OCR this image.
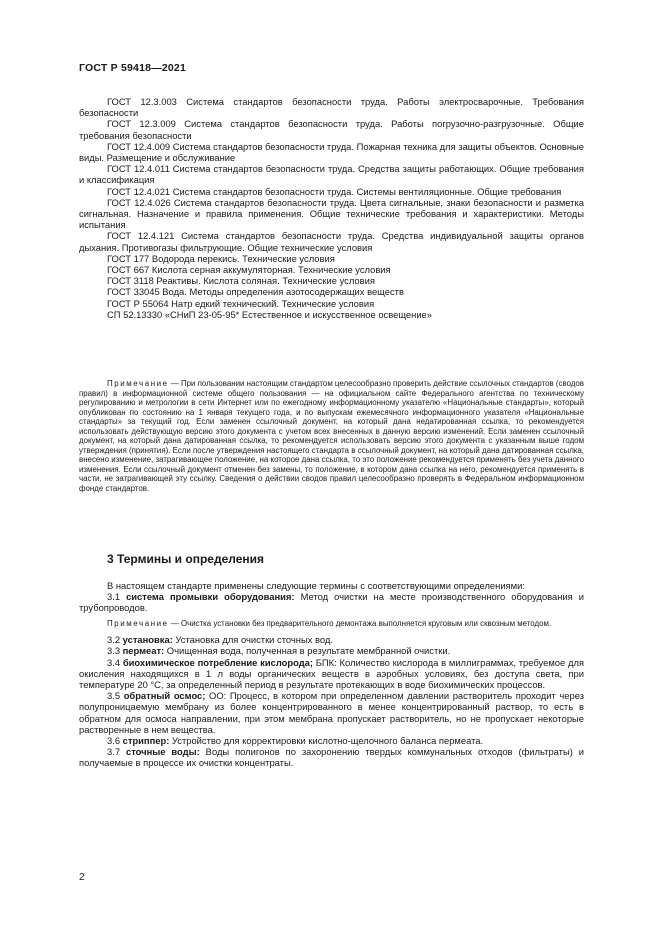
ГОСТ Р 59418—2021

ГОСТ 12.3.003 Система стандартов безопасности труда. Работы электросварочные. Требования безопасности

ГОСТ 12.3.009 Система стандартов безопасности труда. Работы погрузочно-разгрузочные. Общие требования безопасности

ГОСТ 12.4.009 Система стандартов безопасности труда. Пожарная техника для защиты объектов. Основные виды. Размещение и обслуживание

ГОСТ 12.4.011 Система стандартов безопасности труда. Средства защиты работающих. Общие требования и классификация

ГОСТ 12.4.021 Система стандартов безопасности труда. Системы вентиляционные. Общие требования

ГОСТ 12.4.026 Система стандартов безопасности труда. Цвета сигнальные, знаки безопасности и разметка сигнальная. Назначение и правила применения. Общие технические требования и характеристики. Методы испытания

ГОСТ 12.4.121 Система стандартов безопасности труда. Средства индивидуальной защиты органов дыхания. Противогазы фильтрующие. Общие технические условия

ГОСТ 177 Водорода перекись. Технические условия

ГОСТ 667 Кислота серная аккумуляторная. Технические условия

ГОСТ 3118 Реактивы. Кислота соляная. Технические условия

ГОСТ 33045 Вода. Методы определения азотосодержащих веществ

ГОСТ Р 55064 Натр едкий технический. Технические условия

СП 52.13330 «СНиП 23-05-95* Естественное и искусственное освещение»

Примечание — При пользовании настоящим стандартом целесообразно проверить действие ссылочных стандартов (сводов правил) в информационной системе общего пользования — на официальном сайте Федерального агентства по техническому регулированию и метрологии в сети Интернет или по ежегодному информационному указателю «Национальные стандарты», который опубликован по состоянию на 1 января текущего года, и по выпускам ежемесячного информационного указателя «Национальные стандарты» за текущий год. Если заменен ссылочный документ, на который дана недатированная ссылка, то рекомендуется использовать действующую версию этого документа с учетом всех внесенных в данную версию изменений. Если заменен ссылочный документ, на который дана датированная ссылка, то рекомендуется использовать версию этого документа с указанным выше годом утверждения (принятия). Если после утверждения настоящего стандарта в ссылочный документ, на который дана датированная ссылка, внесено изменение, затрагивающее положение, на которое дана ссылка, то это положение рекомендуется применять без учета данного изменения. Если ссылочный документ отменен без замены, то положение, в котором дана ссылка на него, рекомендуется применять в части, не затрагивающей эту ссылку. Сведения о действии сводов правил целесообразно проверять в Федеральном информационном фонде стандартов.

3 Термины и определения

В настоящем стандарте применены следующие термины с соответствующими определениями:

3.1 система промывки оборудования: Метод очистки на месте производственного оборудования и трубопроводов.

Примечание — Очистка установки без предварительного демонтажа выполняется круговым или сквозным методом.

3.2 установка: Установка для очистки сточных вод.

3.3 пермеат: Очищенная вода, полученная в результате мембранной очистки.

3.4 биохимическое потребление кислорода; БПК: Количество кислорода в миллиграммах, требуемое для окисления находящихся в 1 л воды органических веществ в аэробных условиях, без доступа света, при температуре 20 °С, за определенный период в результате протекающих в воде биохимических процессов.

3.5 обратный осмос; ОО: Процесс, в котором при определенном давлении растворитель проходит через полупроницаемую мембрану из более концентрированного в менее концентрированный раствор, то есть в обратном для осмоса направлении, при этом мембрана пропускает растворитель, но не пропускает некоторые растворенные в нем вещества.

3.6 стриппер: Устройство для корректировки кислотно-щелочного баланса пермеата.

3.7 сточные воды: Воды полигонов по захоронению твердых коммунальных отходов (фильтраты) и получаемые в процессе их очистки концентраты.

2
